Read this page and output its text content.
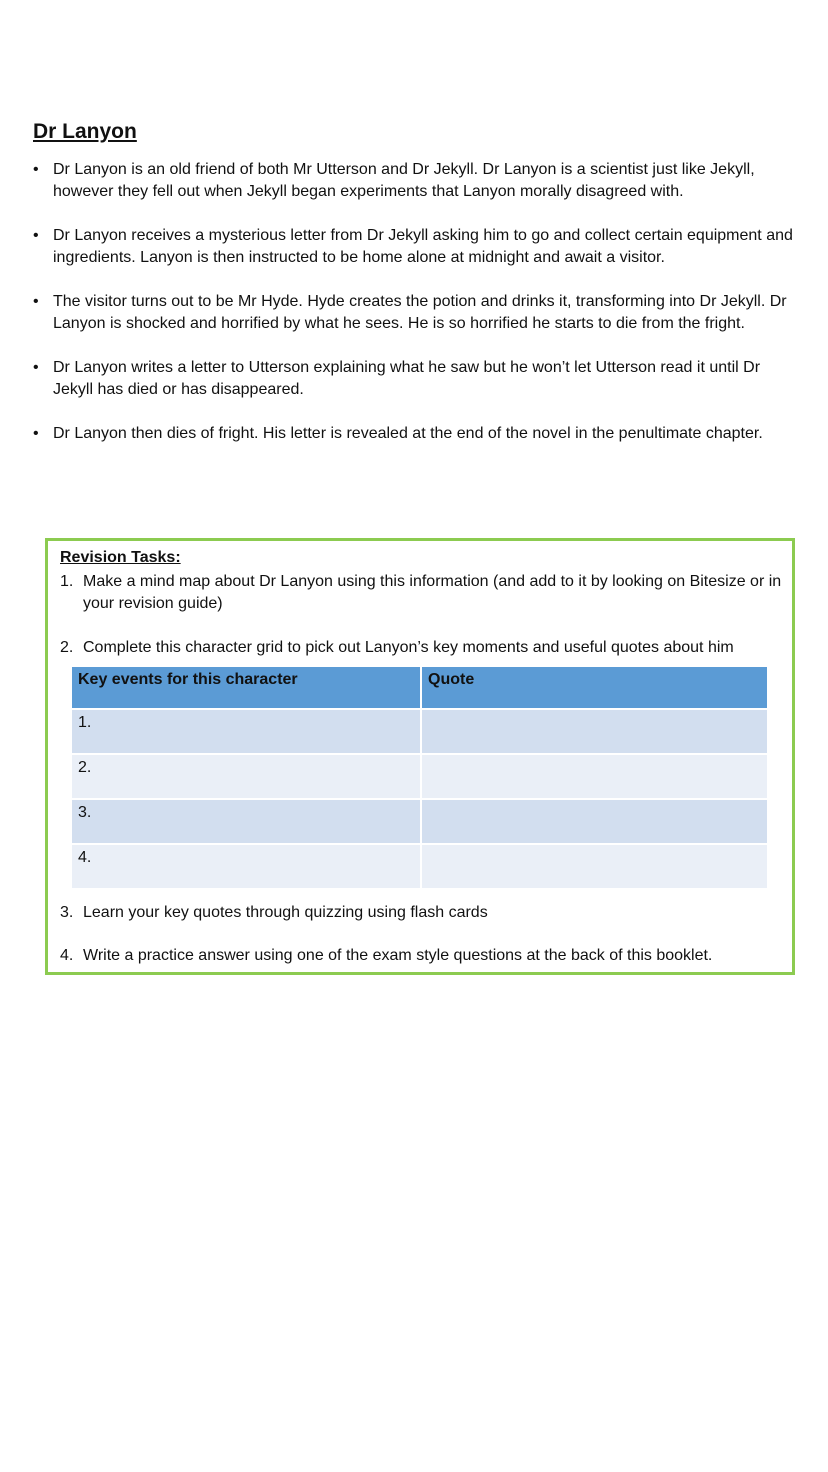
Dr Lanyon
• Dr Lanyon is an old friend of both Mr Utterson and Dr Jekyll. Dr Lanyon is a scientist just like Jekyll, however they fell out when Jekyll began experiments that Lanyon morally disagreed with.
• Dr Lanyon receives a mysterious letter from Dr Jekyll asking him to go and collect certain equipment and ingredients. Lanyon is then instructed to be home alone at midnight and await a visitor.
• The visitor turns out to be Mr Hyde. Hyde creates the potion and drinks it, transforming into Dr Jekyll. Dr Lanyon is shocked and horrified by what he sees. He is so horrified he starts to die from the fright.
• Dr Lanyon writes a letter to Utterson explaining what he saw but he won’t let Utterson read it until Dr Jekyll has died or has disappeared.
• Dr Lanyon then dies of fright. His letter is revealed at the end of the novel in the penultimate chapter.
Revision Tasks:
1. Make a mind map about Dr Lanyon using this information (and add to it by looking on Bitesize or in your revision guide)
2. Complete this character grid to pick out Lanyon’s key moments and useful quotes about him
Key events for this character	Quote
1.	
2.	
3.	
4.	
3. Learn your key quotes through quizzing using flash cards
4. Write a practice answer using one of the exam style questions at the back of this booklet.
